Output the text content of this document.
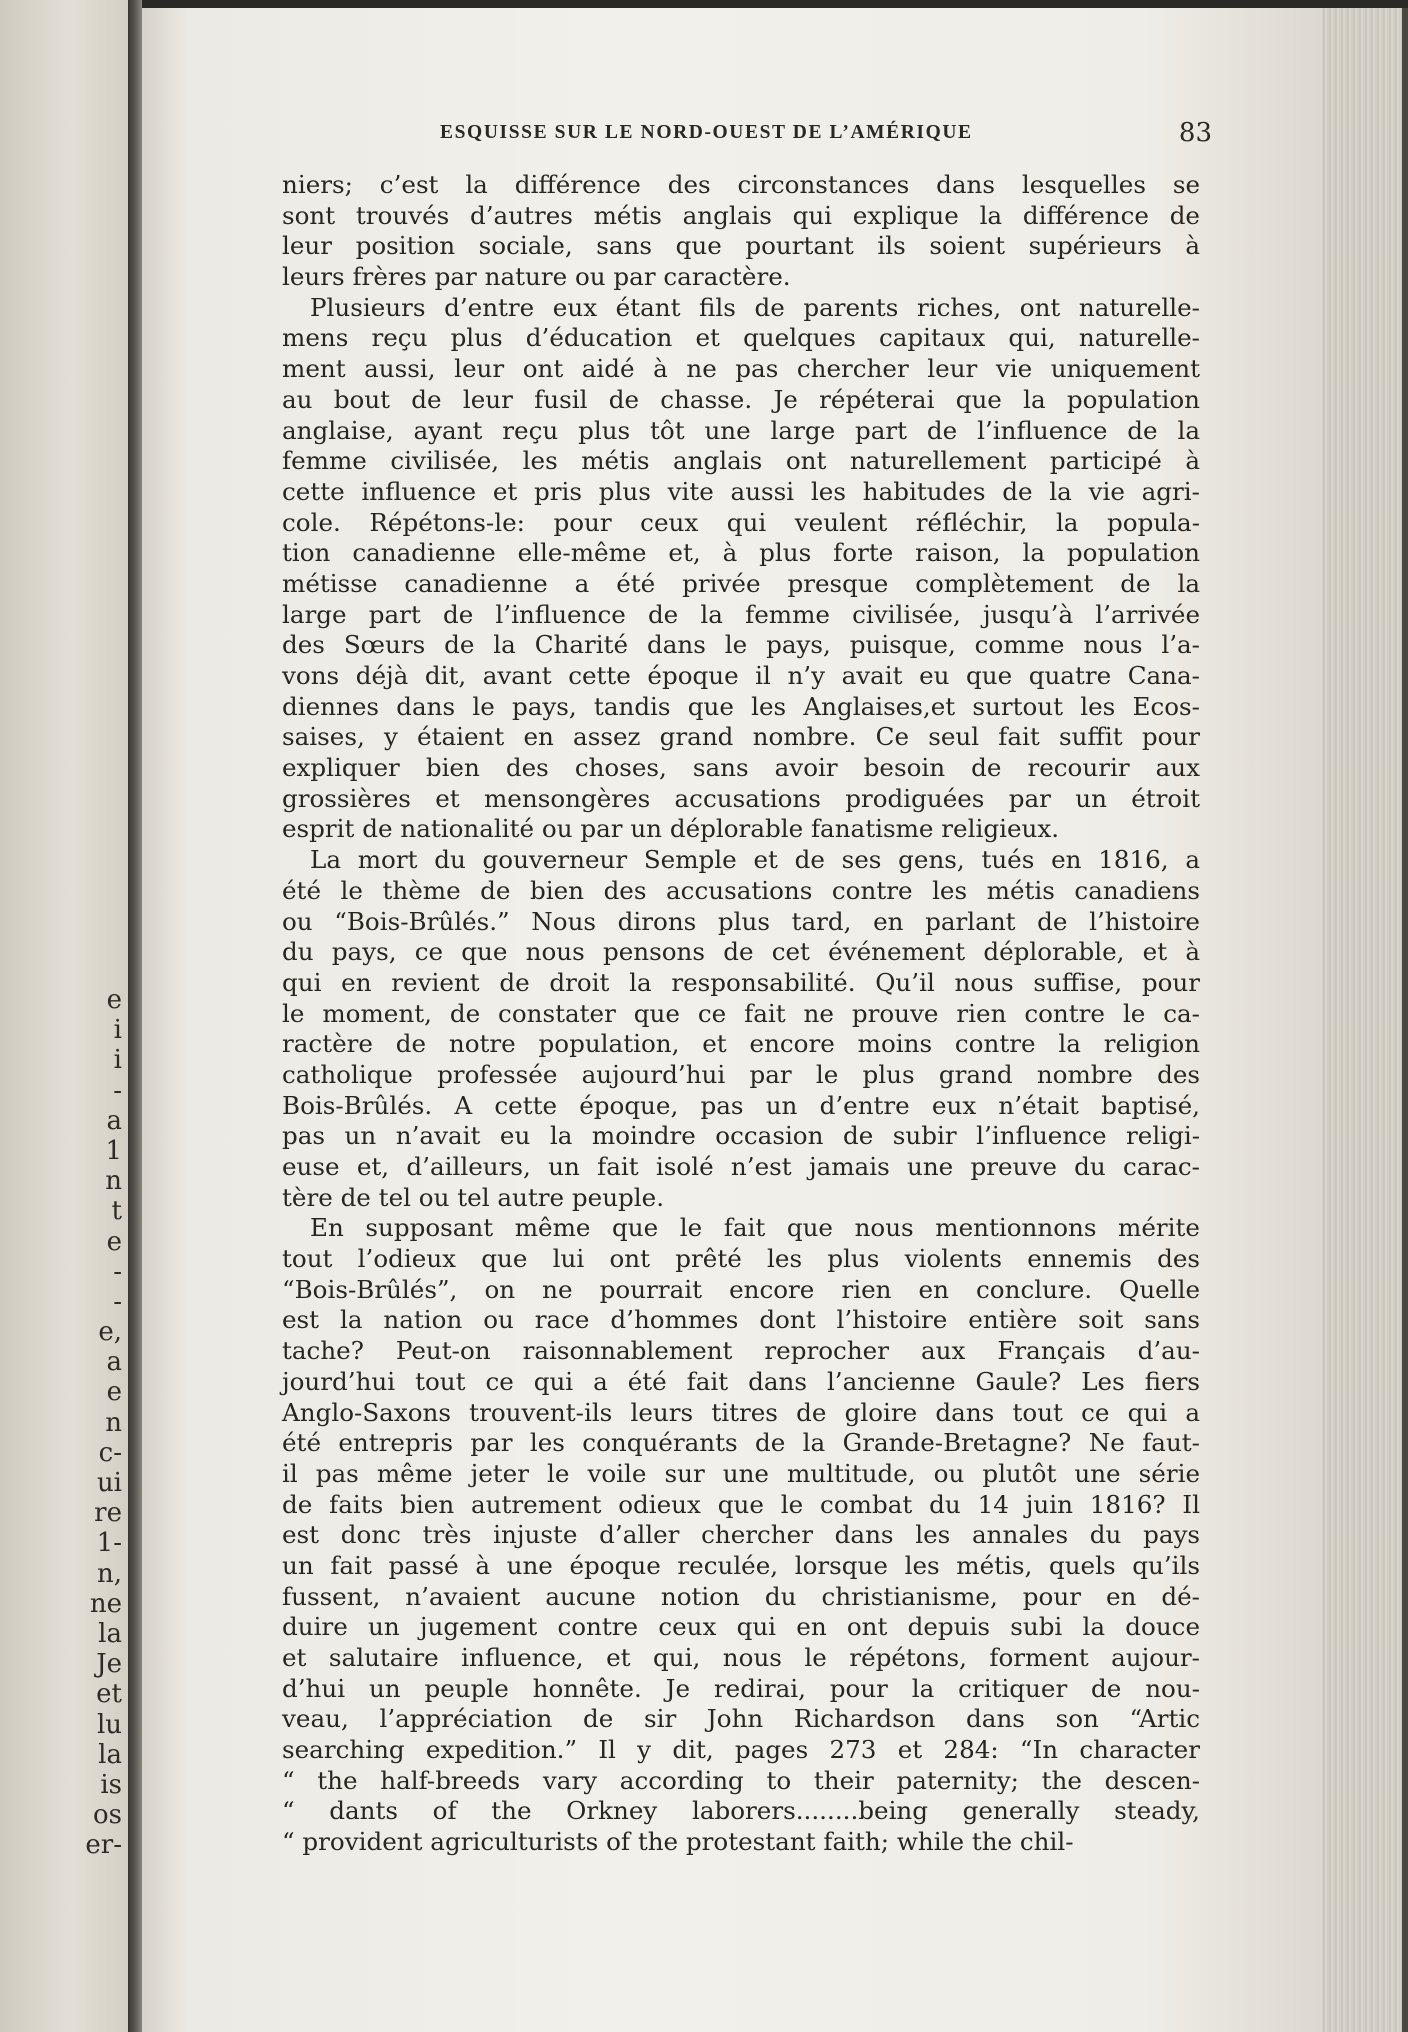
e
i
i
-
a
1
n
t
e
-
-
e,
a
e
n
c-
ui
re
1-
n,
ne
la
Je
et
lu
la
is
os
er-
ESQUISSE SUR LE NORD-OUEST DE L’AMÉRIQUE	83
niers; c’est la différence des circonstances dans lesquelles se
sont trouvés d’autres métis anglais qui explique la différence de
leur position sociale, sans que pourtant ils soient supérieurs à
leurs frères par nature ou par caractère.
Plusieurs d’entre eux étant fils de parents riches, ont naturelle-
mens reçu plus d’éducation et quelques capitaux qui, naturelle-
ment aussi, leur ont aidé à ne pas chercher leur vie uniquement
au bout de leur fusil de chasse. Je répéterai que la population
anglaise, ayant reçu plus tôt une large part de l’influence de la
femme civilisée, les métis anglais ont naturellement participé à
cette influence et pris plus vite aussi les habitudes de la vie agri-
cole. Répétons-le: pour ceux qui veulent réfléchir, la popula-
tion canadienne elle-même et, à plus forte raison, la population
métisse canadienne a été privée presque complètement de la
large part de l’influence de la femme civilisée, jusqu’à l’arrivée
des Sœurs de la Charité dans le pays, puisque, comme nous l’a-
vons déjà dit, avant cette époque il n’y avait eu que quatre Cana-
diennes dans le pays, tandis que les Anglaises,et surtout les Ecos-
saises, y étaient en assez grand nombre. Ce seul fait suffit pour
expliquer bien des choses, sans avoir besoin de recourir aux
grossières et mensongères accusations prodiguées par un étroit
esprit de nationalité ou par un déplorable fanatisme religieux.
La mort du gouverneur Semple et de ses gens, tués en 1816, a
été le thème de bien des accusations contre les métis canadiens
ou “Bois-Brûlés.” Nous dirons plus tard, en parlant de l’histoire
du pays, ce que nous pensons de cet événement déplorable, et à
qui en revient de droit la responsabilité. Qu’il nous suffise, pour
le moment, de constater que ce fait ne prouve rien contre le ca-
ractère de notre population, et encore moins contre la religion
catholique professée aujourd’hui par le plus grand nombre des
Bois-Brûlés. A cette époque, pas un d’entre eux n’était baptisé,
pas un n’avait eu la moindre occasion de subir l’influence religi-
euse et, d’ailleurs, un fait isolé n’est jamais une preuve du carac-
tère de tel ou tel autre peuple.
En supposant même que le fait que nous mentionnons mérite
tout l’odieux que lui ont prêté les plus violents ennemis des
“Bois-Brûlés”, on ne pourrait encore rien en conclure. Quelle
est la nation ou race d’hommes dont l’histoire entière soit sans
tache? Peut-on raisonnablement reprocher aux Français d’au-
jourd’hui tout ce qui a été fait dans l’ancienne Gaule? Les fiers
Anglo-Saxons trouvent-ils leurs titres de gloire dans tout ce qui a
été entrepris par les conquérants de la Grande-Bretagne? Ne faut-
il pas même jeter le voile sur une multitude, ou plutôt une série
de faits bien autrement odieux que le combat du 14 juin 1816? Il
est donc très injuste d’aller chercher dans les annales du pays
un fait passé à une époque reculée, lorsque les métis, quels qu’ils
fussent, n’avaient aucune notion du christianisme, pour en dé-
duire un jugement contre ceux qui en ont depuis subi la douce
et salutaire influence, et qui, nous le répétons, forment aujour-
d’hui un peuple honnête. Je redirai, pour la critiquer de nou-
veau, l’appréciation de sir John Richardson dans son “Artic
searching expedition.” Il y dit, pages 273 et 284: “In character
“ the half-breeds vary according to their paternity; the descen-
“ dants of the Orkney laborers........being generally steady,
“ provident agriculturists of the protestant faith; while the chil-
